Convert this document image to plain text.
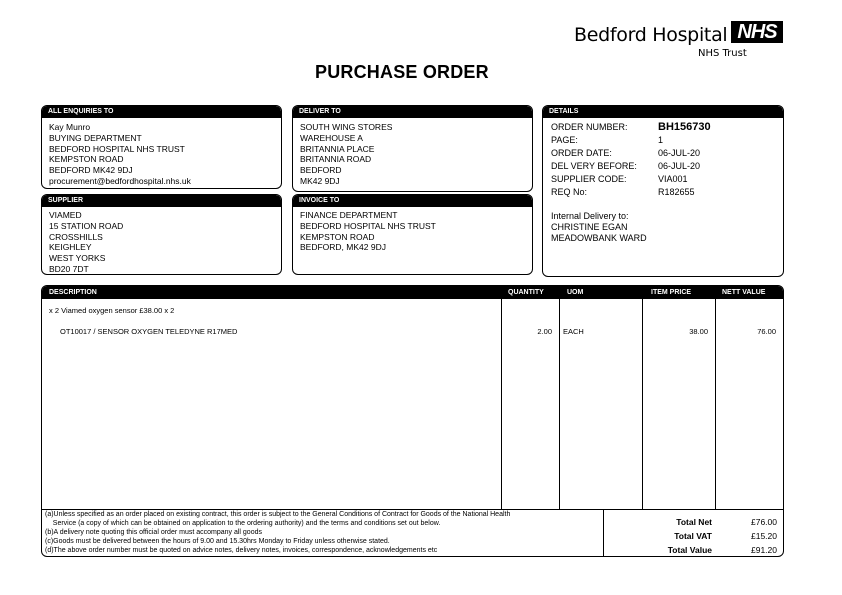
Bedford Hospital NHS
NHS Trust
PURCHASE ORDER
ALL ENQUIRIES TO
Kay Munro
BUYING DEPARTMENT
BEDFORD HOSPITAL NHS TRUST
KEMPSTON ROAD
BEDFORD MK42 9DJ
procurement@bedfordhospital.nhs.uk
DELIVER TO
SOUTH WING STORES
WAREHOUSE A
BRITANNIA PLACE
BRITANNIA ROAD
BEDFORD
MK42 9DJ
DETAILS
ORDER NUMBER:	BH156730
PAGE:	1
ORDER DATE:	06-JUL-20
DEL VERY BEFORE:	06-JUL-20
SUPPLIER CODE:	VIA001
REQ No:	R182655
Internal Delivery to:
CHRISTINE EGAN
MEADOWBANK WARD
SUPPLIER
VIAMED
15 STATION ROAD
CROSSHILLS
KEIGHLEY
WEST YORKS
BD20 7DT
INVOICE TO
FINANCE DEPARTMENT
BEDFORD HOSPITAL NHS TRUST
KEMPSTON ROAD
BEDFORD, MK42 9DJ
DESCRIPTION	QUANTITY	UOM	ITEM PRICE	NETT VALUE
x 2 Viamed oxygen sensor £38.00 x 2
OT10017 / SENSOR OXYGEN TELEDYNE R17MED	2.00 EACH	38.00	76.00
(a)Unless specified as an order placed on existing contract, this order is subject to the General Conditions of Contract for Goods of the National Health
Service (a copy of which can be obtained on application to the ordering authority) and the terms and conditions set out below.
(b)A delivery note quoting this official order must accompany all goods
(c)Goods must be delivered between the hours of 9.00 and 15.30hrs Monday to Friday unless otherwise stated.
(d)The above order number must be quoted on advice notes, delivery notes, invoices, correspondence, acknowledgements etc
Total Net	£76.00
Total VAT	£15.20
Total Value	£91.20
